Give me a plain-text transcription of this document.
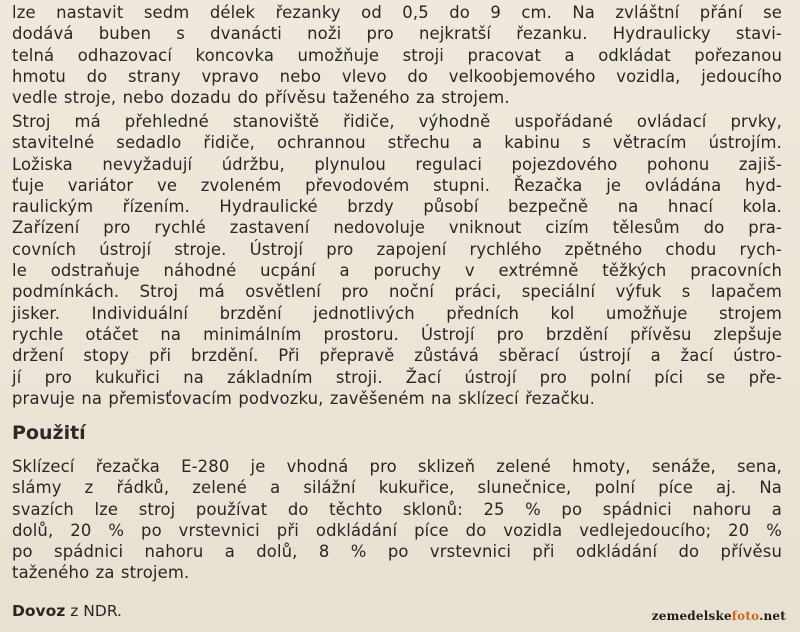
lze nastavit sedm délek řezanky od 0,5 do 9 cm. Na zvláštní přání se
dodává buben s dvanácti noži pro nejkratší řezanku. Hydraulicky stavi-
telná odhazovací koncovka umožňuje stroji pracovat a odkládat pořezanou
hmotu do strany vpravo nebo vlevo do velkoobjemového vozidla, jedoucího
vedle stroje, nebo dozadu do přívěsu taženého za strojem.
Stroj má přehledné stanoviště řidiče, výhodně uspořádané ovládací prvky,
stavitelné sedadlo řidiče, ochrannou střechu a kabinu s větracím ústrojím.
Ložiska nevyžadují údržbu, plynulou regulaci pojezdového pohonu zajiš-
ťuje variátor ve zvoleném převodovém stupni. Řezačka je ovládána hyd-
raulickým řízením. Hydraulické brzdy působí bezpečně na hnací kola.
Zařízení pro rychlé zastavení nedovoluje vniknout cizím tělesům do pra-
covních ústrojí stroje. Ústrojí pro zapojení rychlého zpětného chodu rych-
le odstraňuje náhodné ucpání a poruchy v extrémně těžkých pracovních
podmínkách. Stroj má osvětlení pro noční práci, speciální výfuk s lapačem
jisker. Individuální brzdění jednotlivých předních kol umožňuje strojem
rychle otáčet na minimálním prostoru. Ústrojí pro brzdění přívěsu zlepšuje
držení stopy při brzdění. Při přepravě zůstává sběrací ústrojí a žací ústro-
jí pro kukuřici na základním stroji. Žací ústrojí pro polní píci se pře-
pravuje na přemisťovacím podvozku, zavěšeném na sklízecí řezačku.
Použití
Sklízecí řezačka E-280 je vhodná pro sklizeň zelené hmoty, senáže, sena,
slámy z řádků, zelené a silážní kukuřice, slunečnice, polní píce aj. Na
svazích lze stroj používat do těchto sklonů: 25 % po spádnici nahoru a
dolů, 20 % po vrstevnici při odkládání píce do vozidla vedlejedoucího; 20 %
po spádnici nahoru a dolů, 8 % po vrstevnici při odkládání do přívěsu
taženého za strojem.

Dovoz z NDR.	zemedelskefoto.net
